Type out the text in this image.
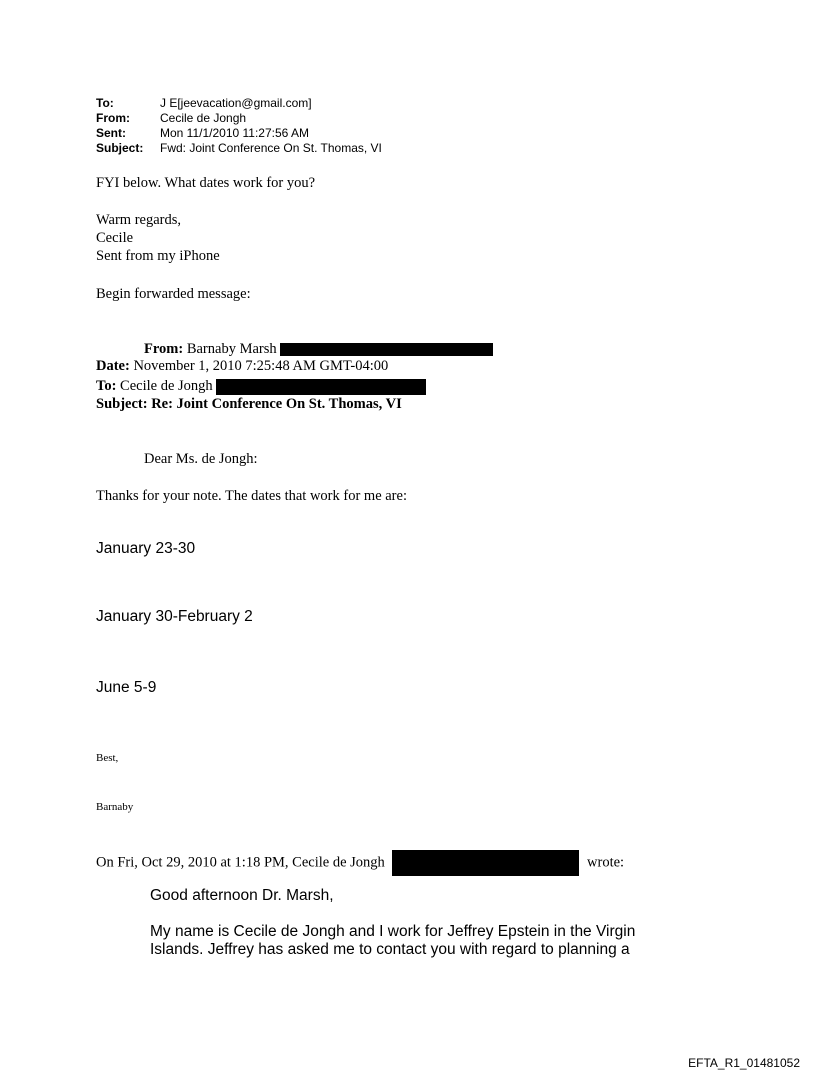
To:	J E[jeevacation@gmail.com]
From:	Cecile de Jongh
Sent:	Mon 11/1/2010 11:27:56 AM
Subject: Fwd: Joint Conference On St. Thomas, VI
FYI below. What dates work for you?
Warm regards,
Cecile
Sent from my iPhone
Begin forwarded message:
From: Barnaby Marsh
Date: November 1, 2010 7:25:48 AM GMT-04:00
To: Cecile de Jongh
Subject: Re: Joint Conference On St. Thomas, VI
Dear Ms. de Jongh:
Thanks for your note. The dates that work for me are:
January 23-30
January 30-February 2
June 5-9
Best,
Barnaby
On Fri, Oct 29, 2010 at 1:18 PM, Cecile de Jongh	wrote:
Good afternoon Dr. Marsh,
My name is Cecile de Jongh and I work for Jeffrey Epstein in the Virgin
Islands. Jeffrey has asked me to contact you with regard to planning a
EFTA_R1_01481052
